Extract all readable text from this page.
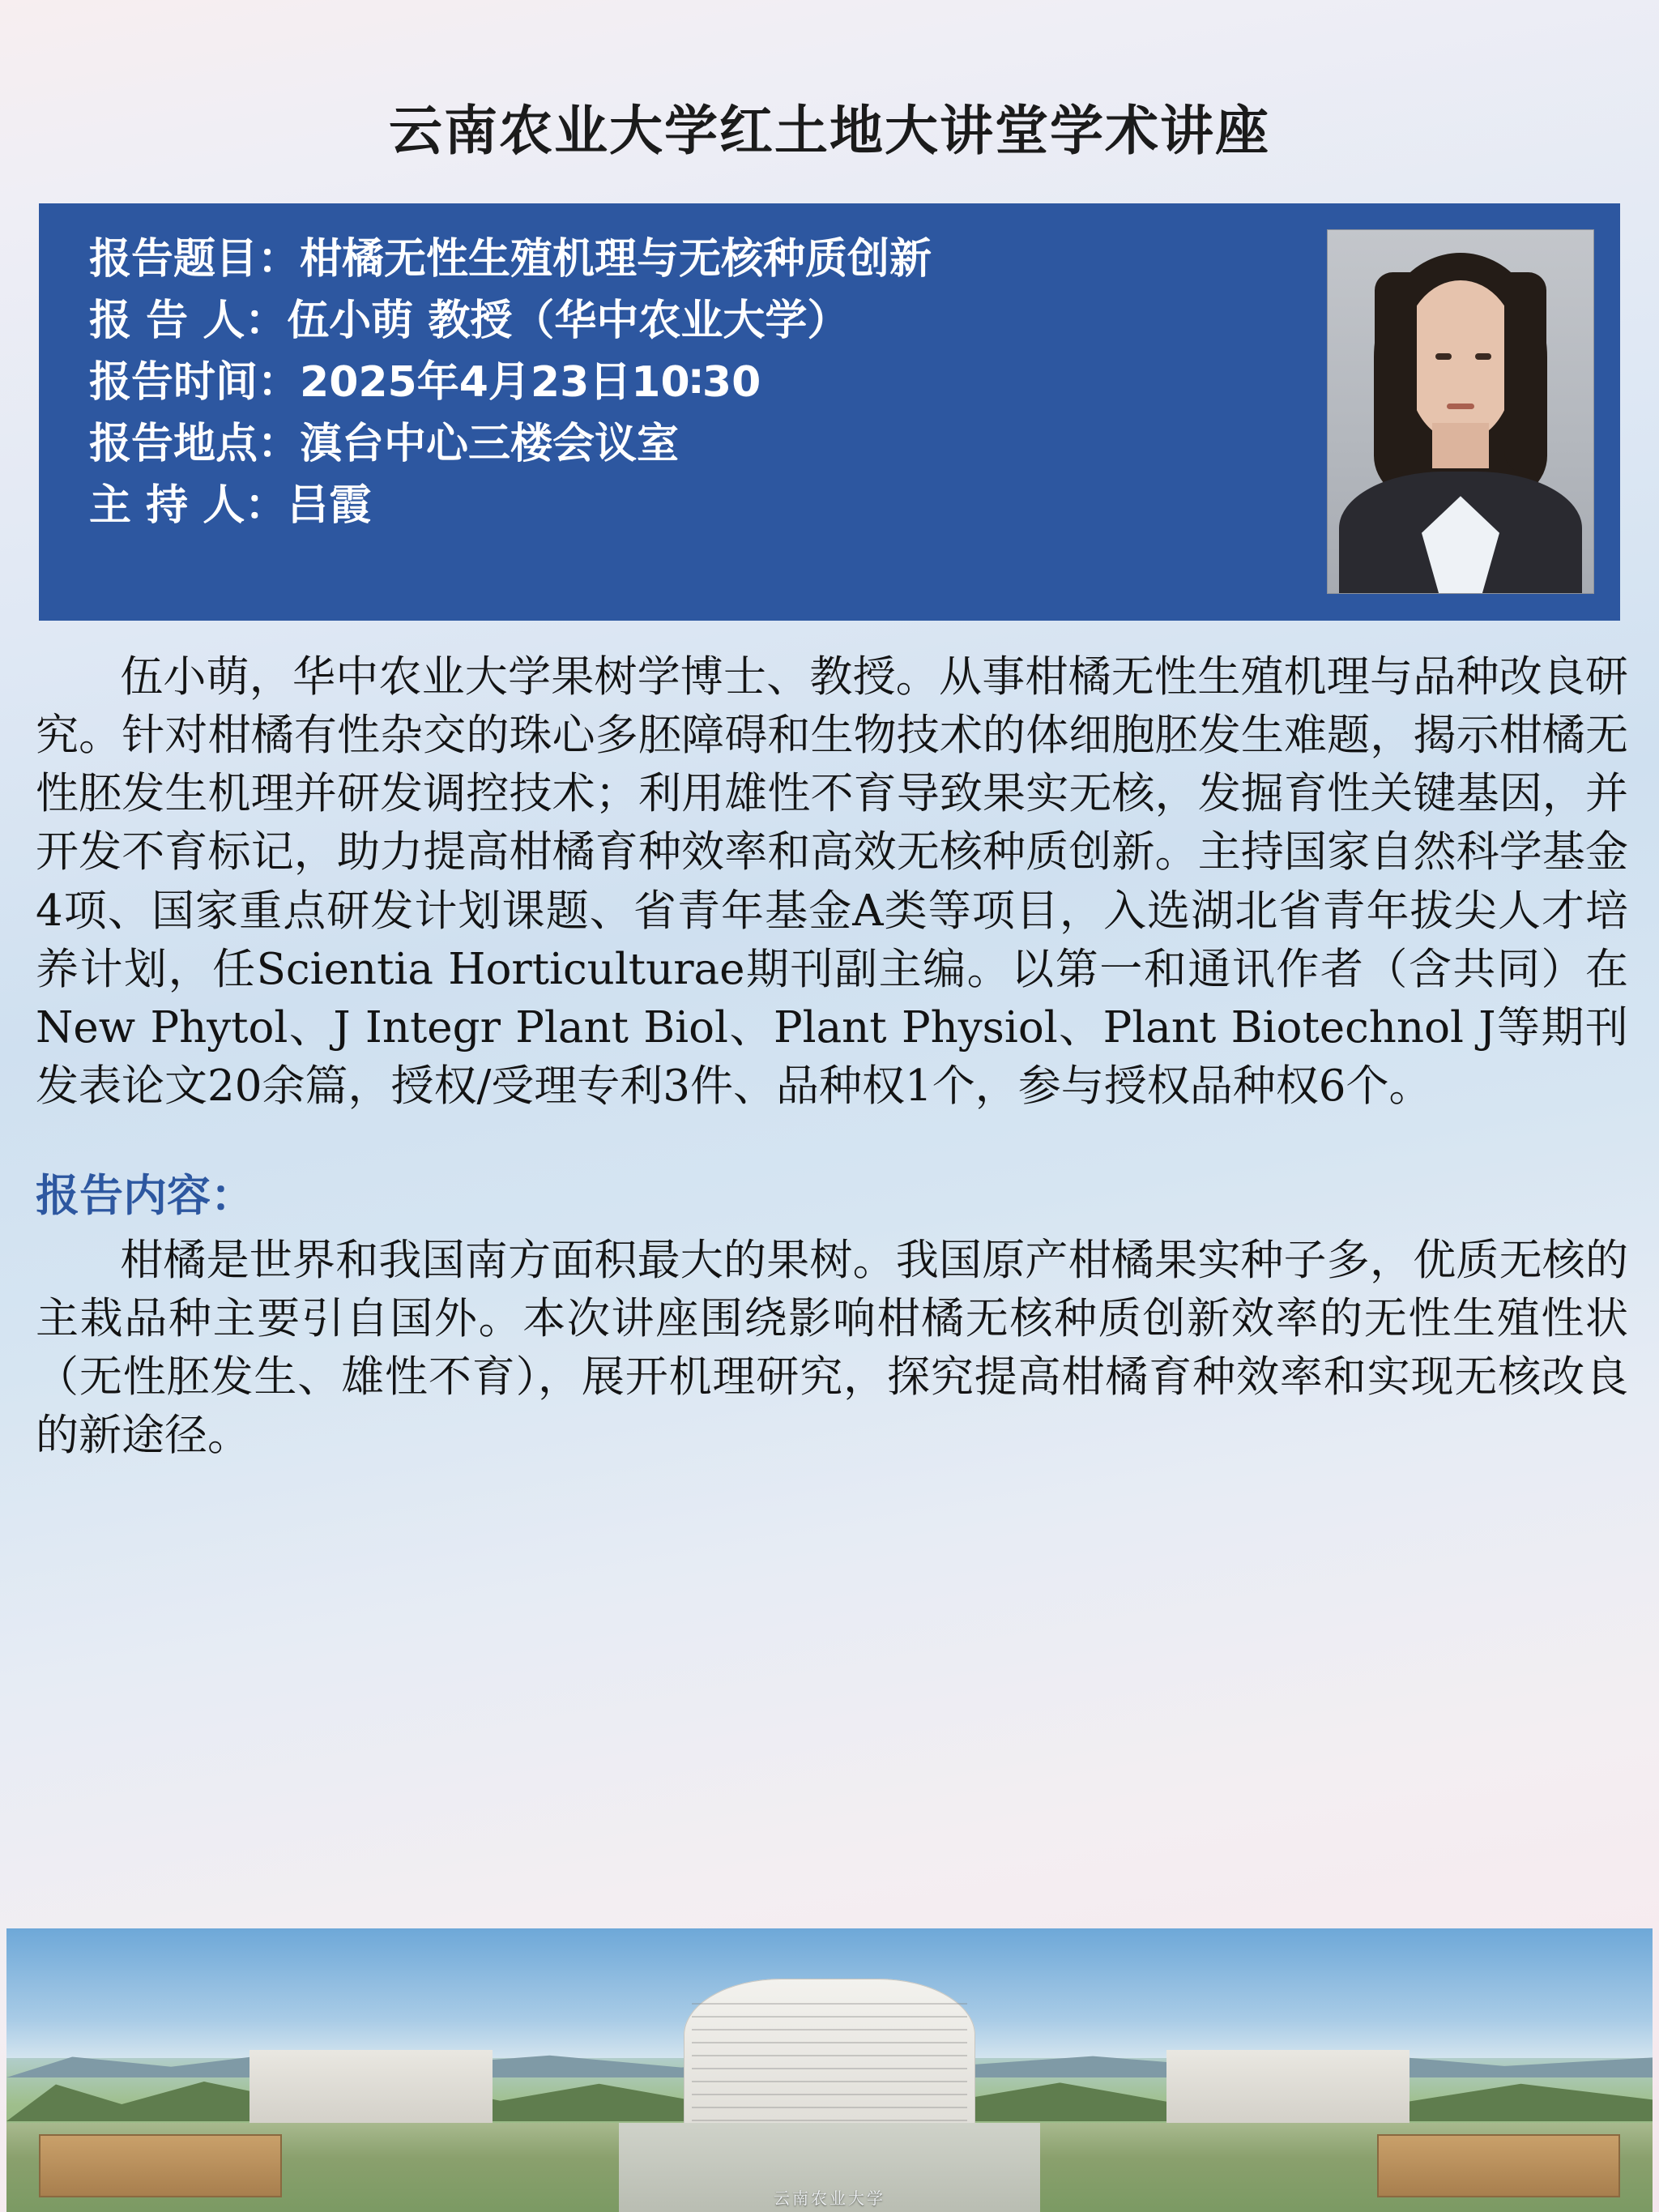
云南农业大学红土地大讲堂学术讲座
报告题目：柑橘无性生殖机理与无核种质创新
报 告 人：伍小萌 教授（华中农业大学）
报告时间：2025年4月23日10∶30
报告地点：滇台中心三楼会议室
主 持 人：吕霞
伍小萌，华中农业大学果树学博士、教授。从事柑橘无性生殖机理与品种改良研究。针对柑橘有性杂交的珠心多胚障碍和生物技术的体细胞胚发生难题，揭示柑橘无性胚发生机理并研发调控技术；利用雄性不育导致果实无核，发掘育性关键基因，并开发不育标记，助力提高柑橘育种效率和高效无核种质创新。主持国家自然科学基金4项、国家重点研发计划课题、省青年基金A类等项目，入选湖北省青年拔尖人才培养计划，任Scientia Horticulturae期刊副主编。以第一和通讯作者（含共同）在New Phytol、J Integr Plant Biol、Plant Physiol、Plant Biotechnol J等期刊发表论文20余篇，授权/受理专利3件、品种权1个，参与授权品种权6个。
报告内容：
柑橘是世界和我国南方面积最大的果树。我国原产柑橘果实种子多，优质无核的主栽品种主要引自国外。本次讲座围绕影响柑橘无核种质创新效率的无性生殖性状（无性胚发生、雄性不育），展开机理研究，探究提高柑橘育种效率和实现无核改良的新途径。
云南农业大学
